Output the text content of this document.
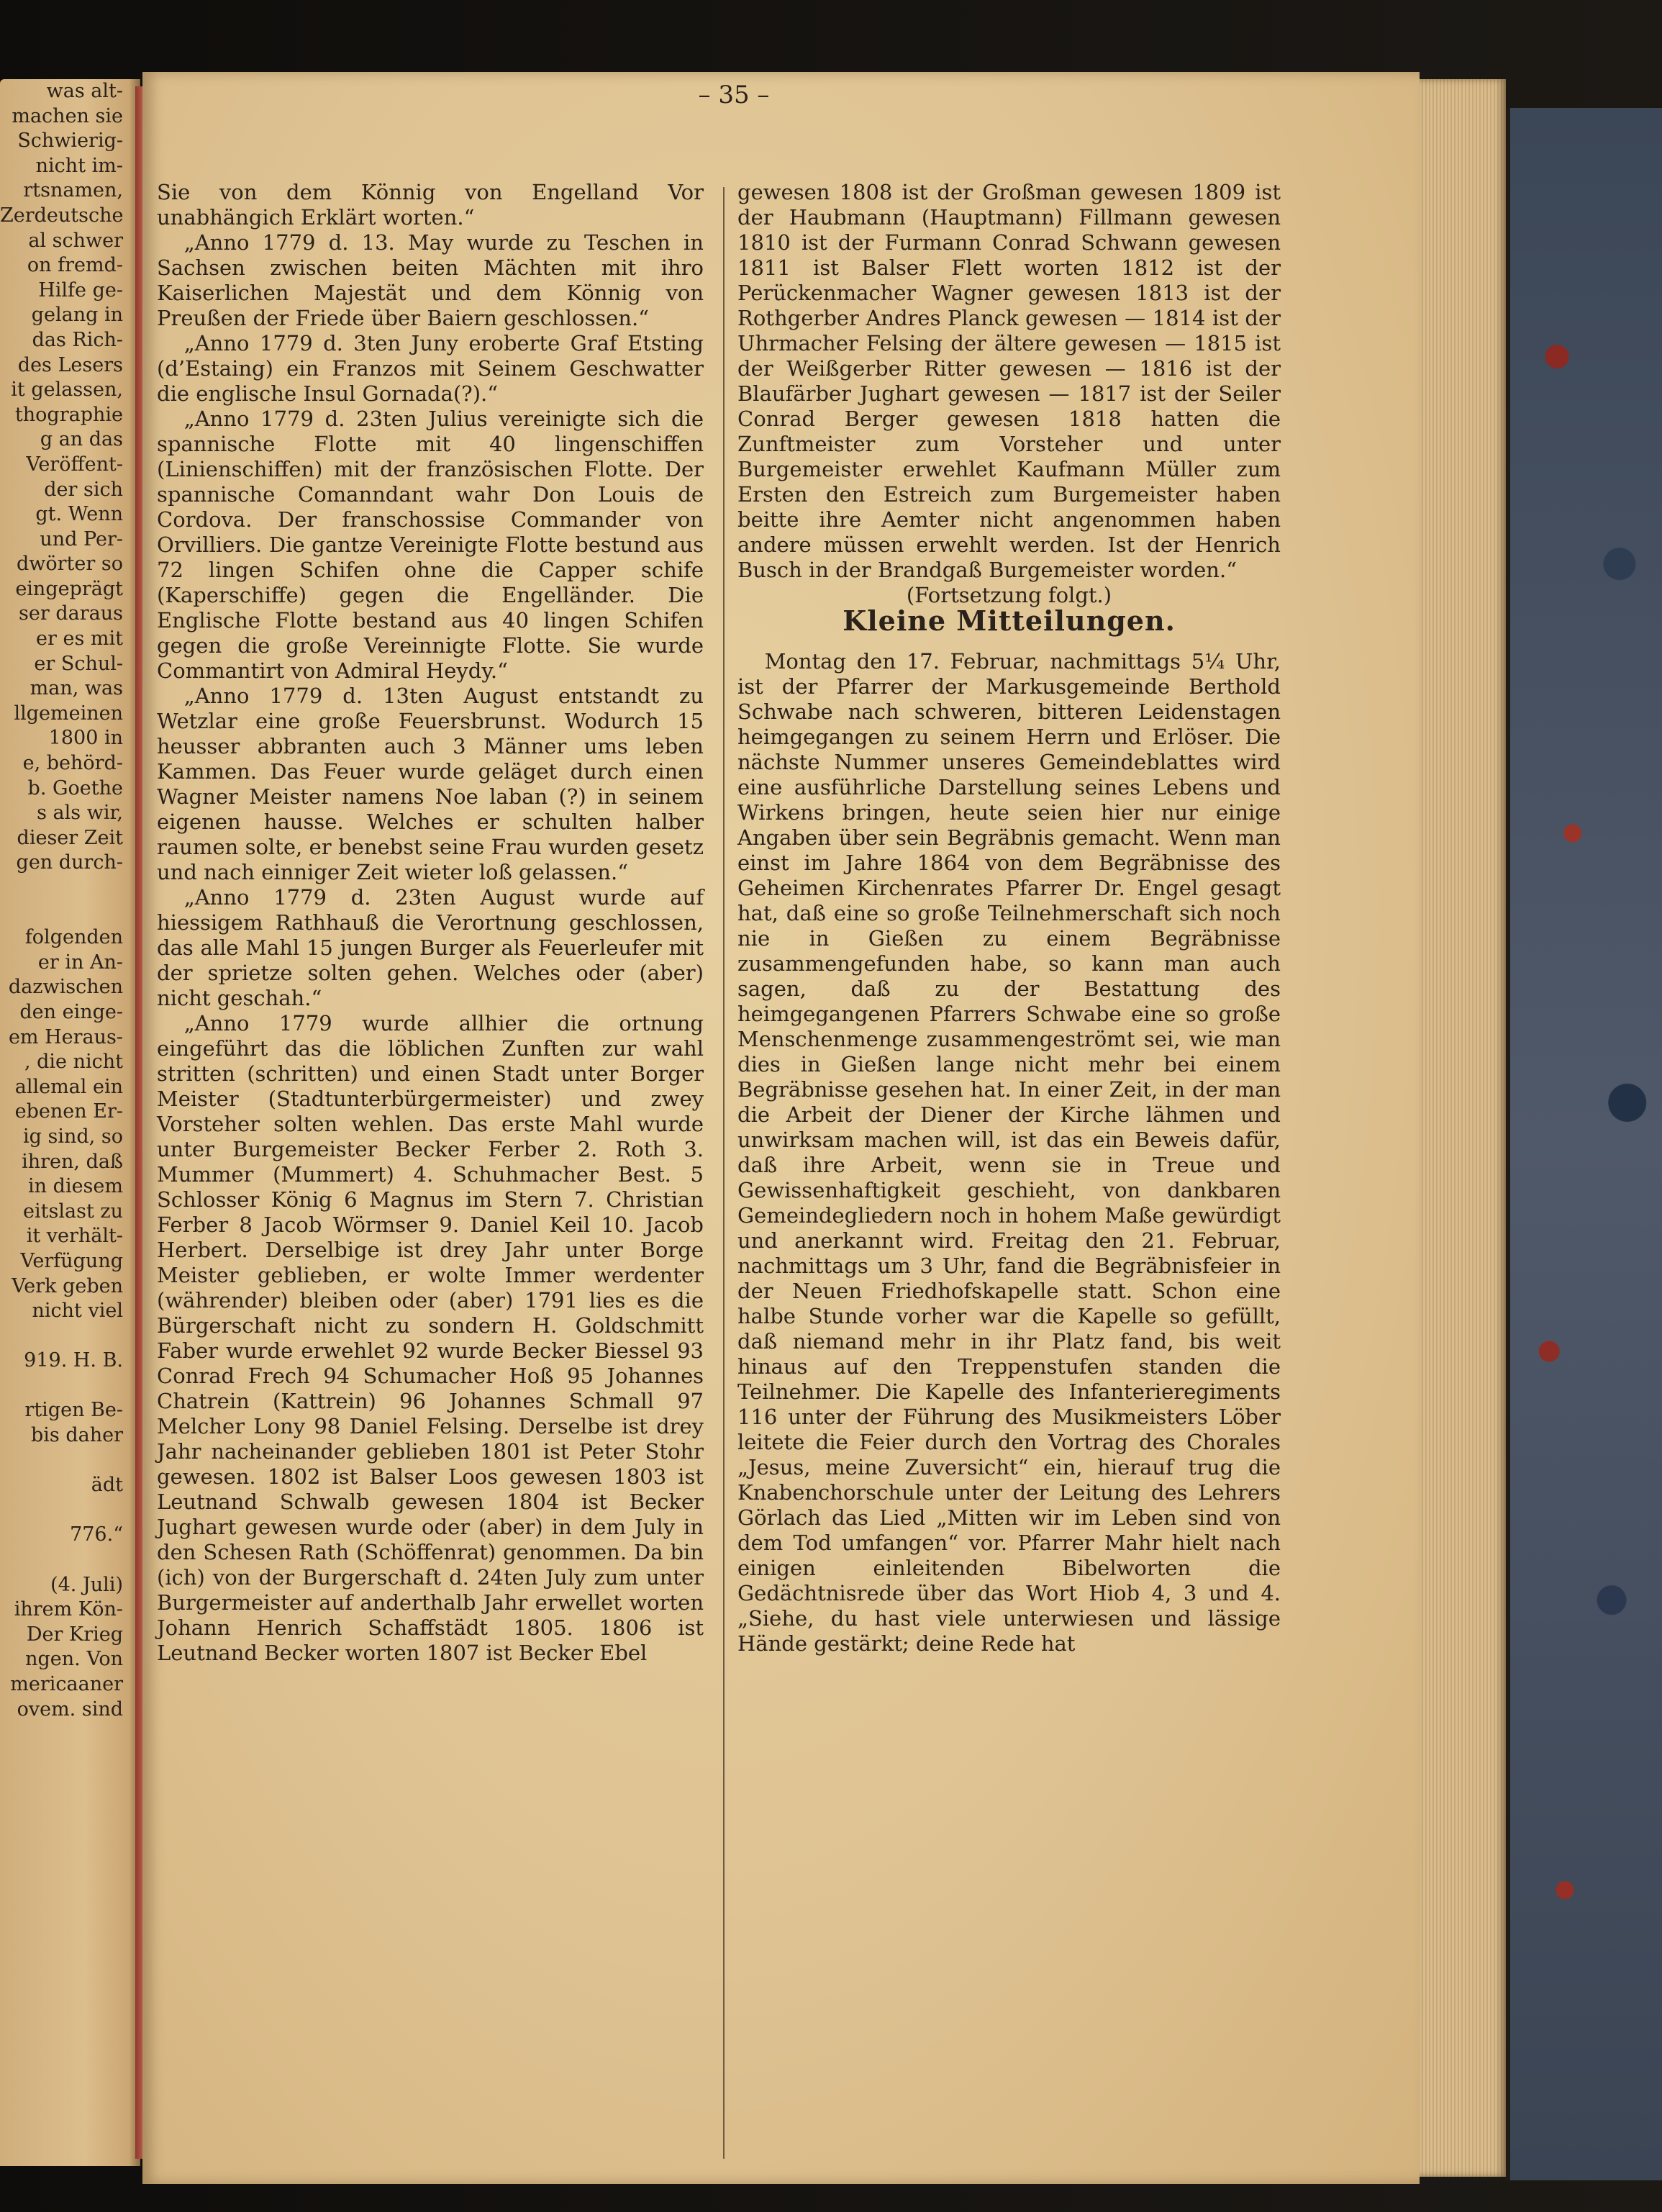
was alt-
machen sie
Schwierig-
nicht im-
rtsnamen,
Zerdeutsche
al schwer
on fremd-
Hilfe ge-
gelang in
das Rich-
des Lesers
it gelassen,
thographie
g an das
Veröffent-
der sich
gt. Wenn
und Per-
dwörter so
eingeprägt
ser daraus
er es mit
er Schul-
man, was
llgemeinen
1800 in
e, behörd-
b. Goethe
s als wir,
dieser Zeit
gen durch-

folgenden
er in An-
dazwischen
den einge-
em Heraus-
, die nicht
allemal ein
ebenen Er-
ig sind, so
ihren, daß
in diesem
eitslast zu
it verhält-
Verfügung
Verk geben
nicht viel

919. H. B.

rtigen Be-
bis daher

ädt

776.“

(4. Juli)
ihrem Kön-
Der Krieg
ngen. Von
mericaaner
ovem. sind
– 35 –

Sie von dem Könnig von Engelland Vor unabhängich Erklärt worten.“

„Anno 1779 d. 13. May wurde zu Teschen in Sachsen zwischen beiten Mächten mit ihro Kaiserlichen Majestät und dem Könnig von Preußen der Friede über Baiern geschlossen.“

„Anno 1779 d. 3ten Juny eroberte Graf Etsting (d’Estaing) ein Franzos mit Seinem Geschwatter die englische Insul Gornada(?).“

„Anno 1779 d. 23ten Julius vereinigte sich die spannische Flotte mit 40 lingenschiffen (Linienschiffen) mit der französischen Flotte. Der spannische Comanndant wahr Don Louis de Cordova. Der franschossise Commander von Orvilliers. Die gantze Vereinigte Flotte bestund aus 72 lingen Schifen ohne die Capper schife (Kaperschiffe) gegen die Engelländer. Die Englische Flotte bestand aus 40 lingen Schifen gegen die große Vereinnigte Flotte. Sie wurde Commantirt von Admiral Heydy.“

„Anno 1779 d. 13ten August entstandt zu Wetzlar eine große Feuersbrunst. Wodurch 15 heusser abbranten auch 3 Männer ums leben Kammen. Das Feuer wurde geläget durch einen Wagner Meister namens Noe laban (?) in seinem eigenen hausse. Welches er schulten halber raumen solte, er benebst seine Frau wurden gesetz und nach einniger Zeit wieter loß gelassen.“

„Anno 1779 d. 23ten August wurde auf hiessigem Rathhauß die Verortnung geschlossen, das alle Mahl 15 jungen Burger als Feuerleufer mit der sprietze solten gehen. Welches oder (aber) nicht geschah.“

„Anno 1779 wurde allhier die ortnung eingeführt das die löblichen Zunften zur wahl stritten (schritten) und einen Stadt unter Borger Meister (Stadtunterbürgermeister) und zwey Vorsteher solten wehlen. Das erste Mahl wurde unter Burgemeister Becker Ferber 2. Roth 3. Mummer (Mummert) 4. Schuhmacher Best. 5 Schlosser König 6 Magnus im Stern 7. Christian Ferber 8 Jacob Wörmser 9. Daniel Keil 10. Jacob Herbert. Derselbige ist drey Jahr unter Borge Meister geblieben, er wolte Immer werdenter (währender) bleiben oder (aber) 1791 lies es die Bürgerschaft nicht zu sondern H. Goldschmitt Faber wurde erwehlet 92 wurde Becker Biessel 93 Conrad Frech 94 Schumacher Hoß 95 Johannes Chatrein (Kattrein) 96 Johannes Schmall 97 Melcher Lony 98 Daniel Felsing. Derselbe ist drey Jahr nacheinander geblieben 1801 ist Peter Stohr gewesen. 1802 ist Balser Loos gewesen 1803 ist Leutnand Schwalb gewesen 1804 ist Becker Jughart gewesen wurde oder (aber) in dem July in den Schesen Rath (Schöffenrat) genommen. Da bin (ich) von der Burgerschaft d. 24ten July zum unter Burgermeister auf anderthalb Jahr erwellet worten Johann Henrich Schaffstädt 1805. 1806 ist Leutnand Becker worten 1807 ist Becker Ebel

gewesen 1808 ist der Großman gewesen 1809 ist der Haubmann (Hauptmann) Fillmann gewesen 1810 ist der Furmann Conrad Schwann gewesen 1811 ist Balser Flett worten 1812 ist der Perückenmacher Wagner gewesen 1813 ist der Rothgerber Andres Planck gewesen — 1814 ist der Uhrmacher Felsing der ältere gewesen — 1815 ist der Weißgerber Ritter gewesen — 1816 ist der Blaufärber Jughart gewesen — 1817 ist der Seiler Conrad Berger gewesen 1818 hatten die Zunftmeister zum Vorsteher und unter Burgemeister erwehlet Kaufmann Müller zum Ersten den Estreich zum Burgemeister haben beitte ihre Aemter nicht angenommen haben andere müssen erwehlt werden. Ist der Henrich Busch in der Brandgaß Burgemeister worden.“

(Fortsetzung folgt.)

Kleine Mitteilungen.

Montag den 17. Februar, nachmittags 5¼ Uhr, ist der Pfarrer der Markusgemeinde Berthold Schwabe nach schweren, bitteren Leidenstagen heimgegangen zu seinem Herrn und Erlöser. Die nächste Nummer unseres Gemeindeblattes wird eine ausführliche Darstellung seines Lebens und Wirkens bringen, heute seien hier nur einige Angaben über sein Begräbnis gemacht. Wenn man einst im Jahre 1864 von dem Begräbnisse des Geheimen Kirchenrates Pfarrer Dr. Engel gesagt hat, daß eine so große Teilnehmerschaft sich noch nie in Gießen zu einem Begräbnisse zusammengefunden habe, so kann man auch sagen, daß zu der Bestattung des heimgegangenen Pfarrers Schwabe eine so große Menschenmenge zusammengeströmt sei, wie man dies in Gießen lange nicht mehr bei einem Begräbnisse gesehen hat. In einer Zeit, in der man die Arbeit der Diener der Kirche lähmen und unwirksam machen will, ist das ein Beweis dafür, daß ihre Arbeit, wenn sie in Treue und Gewissenhaftigkeit geschieht, von dankbaren Gemeindegliedern noch in hohem Maße gewürdigt und anerkannt wird. Freitag den 21. Februar, nachmittags um 3 Uhr, fand die Begräbnisfeier in der Neuen Friedhofskapelle statt. Schon eine halbe Stunde vorher war die Kapelle so gefüllt, daß niemand mehr in ihr Platz fand, bis weit hinaus auf den Treppenstufen standen die Teilnehmer. Die Kapelle des Infanterieregiments 116 unter der Führung des Musikmeisters Löber leitete die Feier durch den Vortrag des Chorales „Jesus, meine Zuversicht“ ein, hierauf trug die Knabenchorschule unter der Leitung des Lehrers Görlach das Lied „Mitten wir im Leben sind von dem Tod umfangen“ vor. Pfarrer Mahr hielt nach einigen einleitenden Bibelworten die Gedächtnisrede über das Wort Hiob 4, 3 und 4. „Siehe, du hast viele unterwiesen und lässige Hände gestärkt; deine Rede hat
